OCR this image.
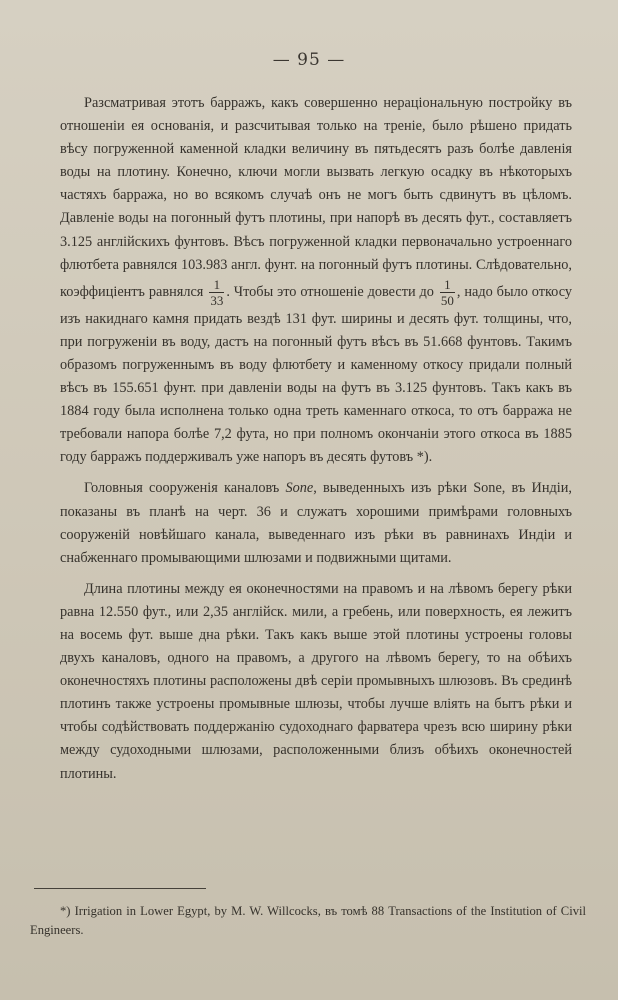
— 95 —

Разсматривая этотъ барражъ, какъ совершенно нераціональную постройку въ отношеніи ея основанія, и разсчитывая только на треніе, было рѣшено придать вѣсу погруженной каменной кладки величину въ пятьдесятъ разъ болѣе давленія воды на плотину. Конечно, ключи могли вызвать легкую осадку въ нѣкоторыхъ частяхъ барража, но во всякомъ случаѣ онъ не могъ быть сдвинутъ въ цѣломъ. Давленіе воды на погонный футъ плотины, при напорѣ въ десять фут., составляетъ 3.125 англійскихъ фунтовъ. Вѣсъ погруженной кладки первоначально устроеннаго флютбета равнялся 103.983 англ. фунт. на погонный футъ плотины. Слѣдовательно, коэффиціентъ равнялся $\frac{1}{33}$ . Чтобы это отношеніе довести до $\frac{1}{50}$ , надо было откосу изъ накиднаго камня придать вездѣ 131 фут. ширины и десять фут. толщины, что, при погруженіи въ воду, дастъ на погонный футъ вѣсъ въ 51.668 фунтовъ. Такимъ образомъ погруженнымъ въ воду флютбету и каменному откосу придали полный вѣсъ въ 155.651 фунт. при давленіи воды на футъ въ 3.125 фунтовъ. Такъ какъ въ 1884 году была исполнена только одна треть каменнаго откоса, то отъ барража не требовали напора болѣе 7,2 фута, но при полномъ окончаніи этого откоса въ 1885 году барражъ поддерживалъ уже напоръ въ десять футовъ *).

Головныя сооруженія каналовъ Sone, выведенныхъ изъ рѣки Sone, въ Индіи, показаны въ планѣ на черт. 36 и служатъ хорошими примѣрами головныхъ сооруженій новѣйшаго канала, выведеннаго изъ рѣки въ равнинахъ Индіи и снабженнаго промывающими шлюзами и подвижными щитами.

Длина плотины между ея оконечностями на правомъ и на лѣвомъ берегу рѣки равна 12.550 фут., или 2,35 англійск. мили, а гребень, или поверхность, ея лежитъ на восемь фут. выше дна рѣки. Такъ какъ выше этой плотины устроены головы двухъ каналовъ, одного на правомъ, а другого на лѣвомъ берегу, то на обѣихъ оконечностяхъ плотины расположены двѣ серіи промывныхъ шлюзовъ. Въ срединѣ плотинъ также устроены промывные шлюзы, чтобы лучше вліять на бытъ рѣки и чтобы содѣйствовать поддержанію судоходнаго фарватера чрезъ всю ширину рѣки между судоходными шлюзами, расположенными близъ обѣихъ оконечностей плотины.

*) Irrigation in Lower Egypt, by M. W. Willcocks, въ томѣ 88 Transactions of the Institution of Civil Engineers.
